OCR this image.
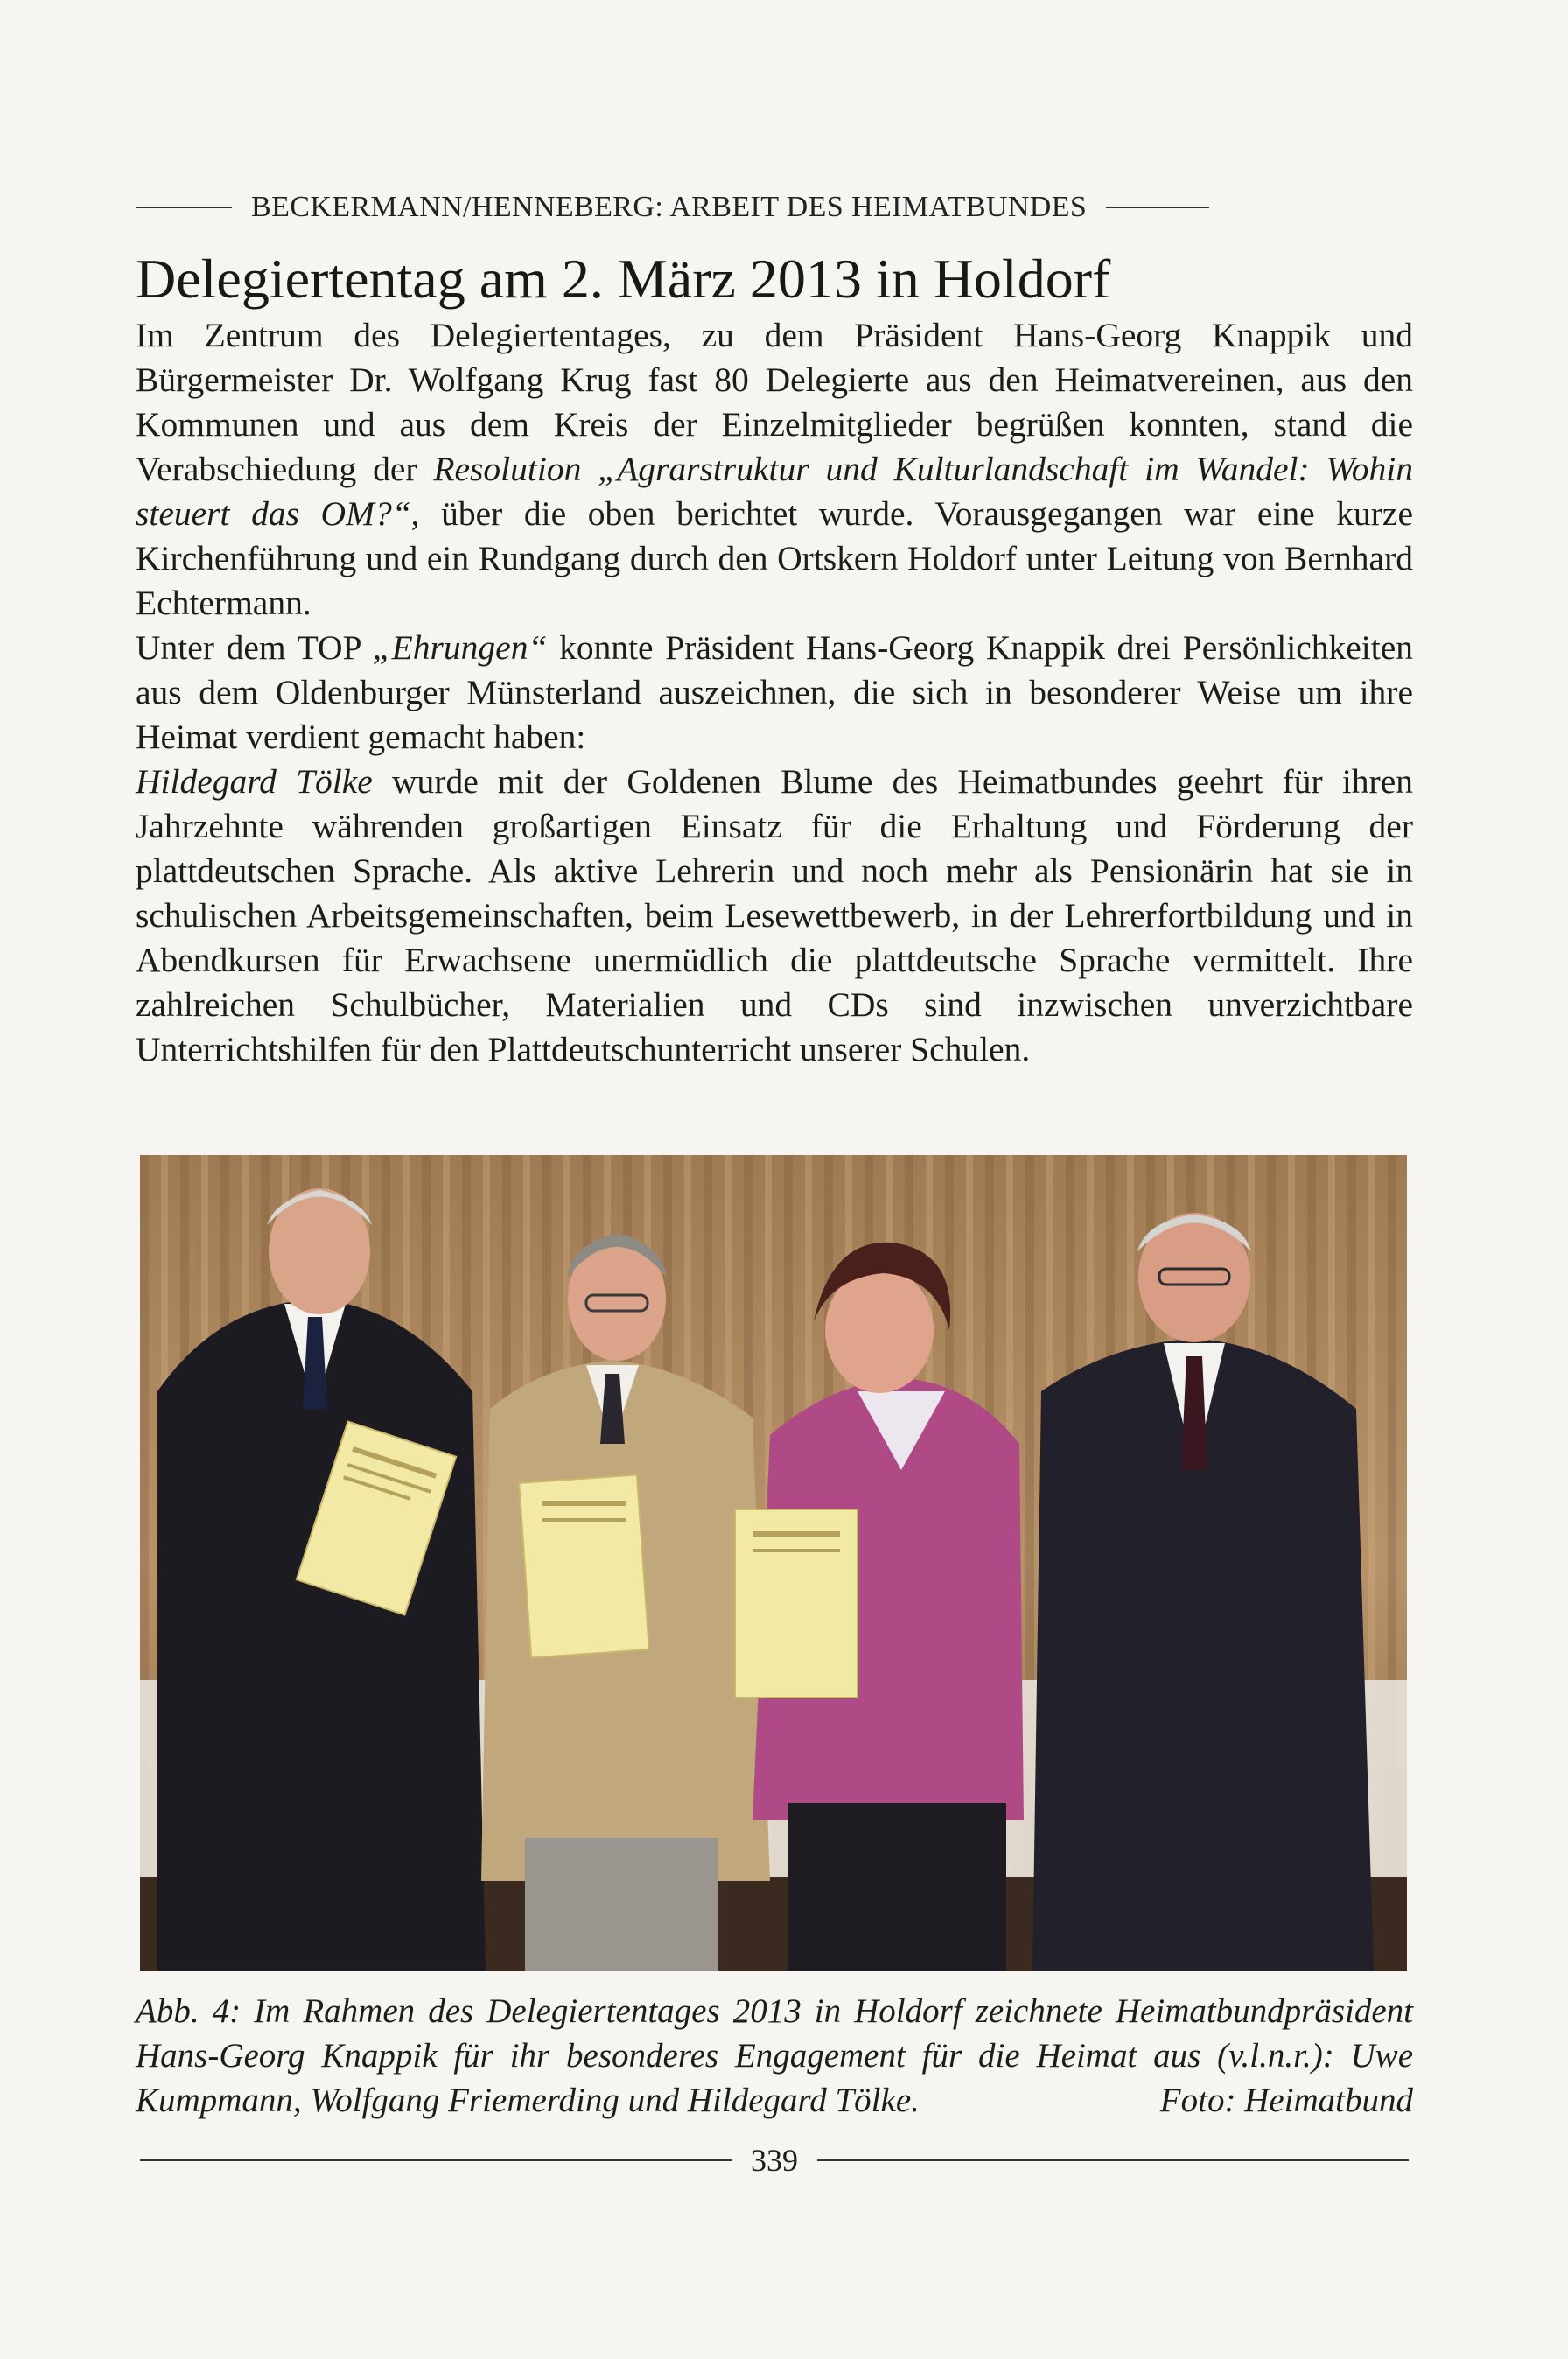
BECKERMANN/HENNEBERG: ARBEIT DES HEIMATBUNDES
Delegiertentag am 2. März 2013 in Holdorf

Im Zentrum des Delegiertentages, zu dem Präsident Hans-Georg Knappik und Bürgermeister Dr. Wolfgang Krug fast 80 Delegierte aus den Heimatvereinen, aus den Kommunen und aus dem Kreis der Einzelmitglieder begrüßen konnten, stand die Verabschiedung der Resolution „Agrarstruktur und Kulturlandschaft im Wandel: Wohin steuert das OM?“, über die oben berichtet wurde. Vorausgegangen war eine kurze Kirchenführung und ein Rundgang durch den Ortskern Holdorf unter Leitung von Bernhard Echtermann.

Unter dem TOP „Ehrungen“ konnte Präsident Hans-Georg Knappik drei Persönlichkeiten aus dem Oldenburger Münsterland auszeichnen, die sich in besonderer Weise um ihre Heimat verdient gemacht haben:

Hildegard Tölke wurde mit der Goldenen Blume des Heimatbundes geehrt für ihren Jahrzehnte währenden großartigen Einsatz für die Erhaltung und Förderung der plattdeutschen Sprache. Als aktive Lehrerin und noch mehr als Pensionärin hat sie in schulischen Arbeitsgemeinschaften, beim Lesewettbewerb, in der Lehrerfortbildung und in Abendkursen für Erwachsene unermüdlich die plattdeutsche Sprache vermittelt. Ihre zahlreichen Schulbücher, Materialien und CDs sind inzwischen unverzichtbare Unterrichtshilfen für den Plattdeutschunterricht unserer Schulen.

Abb. 4: Im Rahmen des Delegiertentages 2013 in Holdorf zeichnete Heimatbundpräsident Hans-Georg Knappik für ihr besonderes Engagement für die Heimat aus (v.l.n.r.): Uwe Kumpmann, Wolfgang Friemerding und Hildegard Tölke.	Foto: Heimatbund
339
